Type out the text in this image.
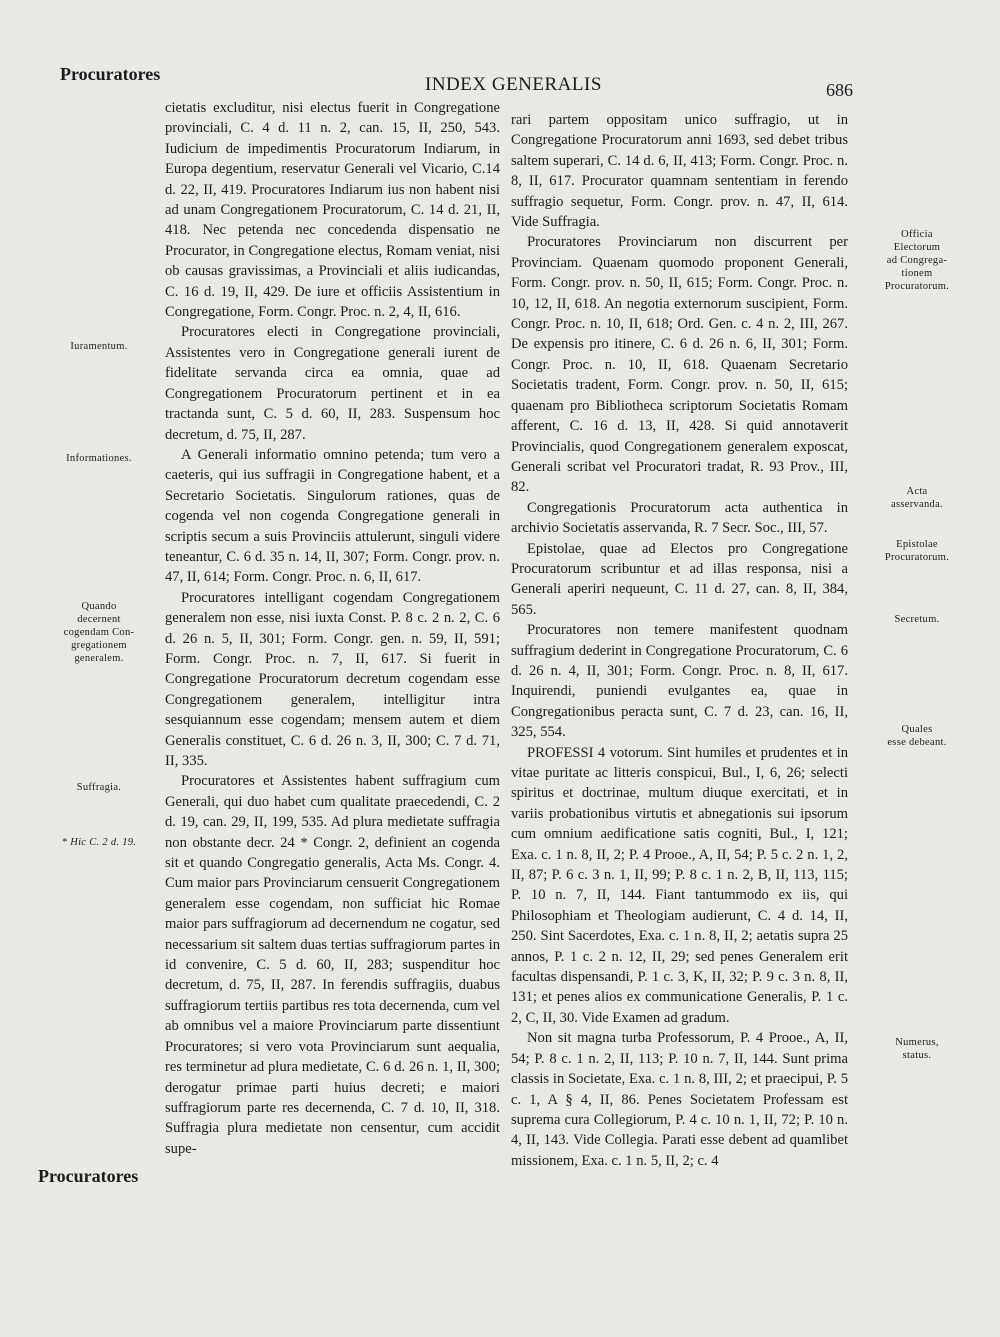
Procuratores	INDEX GENERALIS	686
Iuramentum.
Informationes.
Quando
decernent
cogendam Con-
gregationem
generalem.
Suffragia.
* Hic C. 2 d. 19.

cietatis excluditur, nisi electus fuerit in Congregatione provinciali, C. 4 d. 11 n. 2, can. 15, II, 250, 543. Iudicium de impedimentis Procuratorum Indiarum, in Europa degentium, reservatur Generali vel Vicario, C.14 d. 22, II, 419. Procuratores Indiarum ius non habent nisi ad unam Congregationem Procuratorum, C. 14 d. 21, II, 418. Nec petenda nec concedenda dispensatio ne Procurator, in Congregatione electus, Romam veniat, nisi ob causas gravissimas, a Provinciali et aliis iudicandas, C. 16 d. 19, II, 429. De iure et officiis Assistentium in Congregatione, Form. Congr. Proc. n. 2, 4, II, 616.

Procuratores electi in Congregatione provinciali, Assistentes vero in Congregatione generali iurent de fidelitate servanda circa ea omnia, quae ad Congregationem Procuratorum pertinent et in ea tractanda sunt, C. 5 d. 60, II, 283. Suspensum hoc decretum, d. 75, II, 287.

A Generali informatio omnino petenda; tum vero a caeteris, qui ius suffragii in Congregatione habent, et a Secretario Societatis. Singulorum rationes, quas de cogenda vel non cogenda Congregatione generali in scriptis secum a suis Provinciis attulerunt, singuli videre teneantur, C. 6 d. 35 n. 14, II, 307; Form. Congr. prov. n. 47, II, 614; Form. Congr. Proc. n. 6, II, 617.

Procuratores intelligant cogendam Congregationem generalem non esse, nisi iuxta Const. P. 8 c. 2 n. 2, C. 6 d. 26 n. 5, II, 301; Form. Congr. gen. n. 59, II, 591; Form. Congr. Proc. n. 7, II, 617. Si fuerit in Congregatione Procuratorum decretum cogendam esse Congregationem generalem, intelligitur intra sesquiannum esse cogendam; mensem autem et diem Generalis constituet, C. 6 d. 26 n. 3, II, 300; C. 7 d. 71, II, 335.

Procuratores et Assistentes habent suffragium cum Generali, qui duo habet cum qualitate praecedendi, C. 2 d. 19, can. 29, II, 199, 535. Ad plura medietate suffragia non obstante decr. 24 * Congr. 2, definient an cogenda sit et quando Congregatio generalis, Acta Ms. Congr. 4. Cum maior pars Provinciarum censuerit Congregationem generalem esse cogendam, non sufficiat hic Romae maior pars suffragiorum ad decernendum ne cogatur, sed necessarium sit saltem duas tertias suffragiorum partes in id convenire, C. 5 d. 60, II, 283; suspenditur hoc decretum, d. 75, II, 287. In ferendis suffragiis, duabus suffragiorum tertiis partibus res tota decernenda, cum vel ab omnibus vel a maiore Provinciarum parte dissentiunt Procuratores; si vero vota Provinciarum sunt aequalia, res terminetur ad plura medietate, C. 6 d. 26 n. 1, II, 300; derogatur primae parti huius decreti; e maiori suffragiorum parte res decernenda, C. 7 d. 10, II, 318. Suffragia plura medietate non censentur, cum accidit supe-

rari partem oppositam unico suffragio, ut in Congregatione Procuratorum anni 1693, sed debet tribus saltem superari, C. 14 d. 6, II, 413; Form. Congr. Proc. n. 8, II, 617. Procurator quamnam sententiam in ferendo suffragio sequetur, Form. Congr. prov. n. 47, II, 614. Vide Suffragia.

Procuratores Provinciarum non discurrent per Provinciam. Quaenam quomodo proponent Generali, Form. Congr. prov. n. 50, II, 615; Form. Congr. Proc. n. 10, 12, II, 618. An negotia externorum suscipient, Form. Congr. Proc. n. 10, II, 618; Ord. Gen. c. 4 n. 2, III, 267. De expensis pro itinere, C. 6 d. 26 n. 6, II, 301; Form. Congr. Proc. n. 10, II, 618. Quaenam Secretario Societatis tradent, Form. Congr. prov. n. 50, II, 615; quaenam pro Bibliotheca scriptorum Societatis Romam afferent, C. 16 d. 13, II, 428. Si quid annotaverit Provincialis, quod Congregationem generalem exposcat, Generali scribat vel Procuratori tradat, R. 93 Prov., III, 82.

Congregationis Procuratorum acta authentica in archivio Societatis asservanda, R. 7 Secr. Soc., III, 57.

Epistolae, quae ad Electos pro Congregatione Procuratorum scribuntur et ad illas responsa, nisi a Generali aperiri nequeunt, C. 11 d. 27, can. 8, II, 384, 565.

Procuratores non temere manifestent quodnam suffragium dederint in Congregatione Procuratorum, C. 6 d. 26 n. 4, II, 301; Form. Congr. Proc. n. 8, II, 617. Inquirendi, puniendi evulgantes ea, quae in Congregationibus peracta sunt, C. 7 d. 23, can. 16, II, 325, 554.

PROFESSI 4 votorum. Sint humiles et prudentes et in vitae puritate ac litteris conspicui, Bul., I, 6, 26; selecti spiritus et doctrinae, multum diuque exercitati, et in variis probationibus virtutis et abnegationis sui ipsorum cum omnium aedificatione satis cogniti, Bul., I, 121; Exa. c. 1 n. 8, II, 2; P. 4 Prooe., A, II, 54; P. 5 c. 2 n. 1, 2, II, 87; P. 6 c. 3 n. 1, II, 99; P. 8 c. 1 n. 2, B, II, 113, 115; P. 10 n. 7, II, 144. Fiant tantummodo ex iis, qui Philosophiam et Theologiam audierunt, C. 4 d. 14, II, 250. Sint Sacerdotes, Exa. c. 1 n. 8, II, 2; aetatis supra 25 annos, P. 1 c. 2 n. 12, II, 29; sed penes Generalem erit facultas dispensandi, P. 1 c. 3, K, II, 32; P. 9 c. 3 n. 8, II, 131; et penes alios ex communicatione Generalis, P. 1 c. 2, C, II, 30. Vide Examen ad gradum.

Non sit magna turba Professorum, P. 4 Prooe., A, II, 54; P. 8 c. 1 n. 2, II, 113; P. 10 n. 7, II, 144. Sunt prima classis in Societate, Exa. c. 1 n. 8, III, 2; et praecipui, P. 5 c. 1, A § 4, II, 86. Penes Societatem Professam est suprema cura Collegiorum, P. 4 c. 10 n. 1, II, 72; P. 10 n. 4, II, 143. Vide Collegia. Parati esse debent ad quamlibet missionem, Exa. c. 1 n. 5, II, 2; c. 4

Officia
Electorum
ad Congrega-
tionem
Procuratorum.
Acta
asservanda.
Epistolae
Procuratorum.
Secretum.
Quales
esse debeant.
Numerus,
status.
Procuratores
